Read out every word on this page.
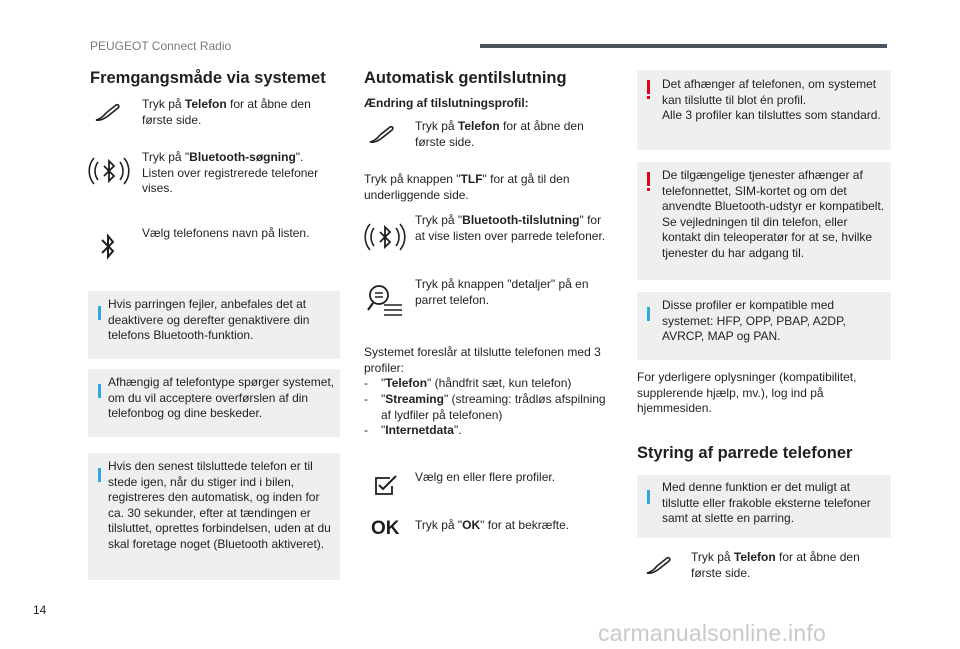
PEUGEOT Connect Radio
Fremgangsmåde via systemet
Tryk på Telefon for at åbne den første side.
Tryk på "Bluetooth-søgning". Listen over registrerede telefoner vises.
Vælg telefonens navn på listen.
Hvis parringen fejler, anbefales det at deaktivere og derefter genaktivere din telefons Bluetooth-funktion.
Afhængig af telefontype spørger systemet, om du vil acceptere overførslen af din telefonbog og dine beskeder.
Hvis den senest tilsluttede telefon er til stede igen, når du stiger ind i bilen, registreres den automatisk, og inden for ca. 30 sekunder, efter at tændingen er tilsluttet, oprettes forbindelsen, uden at du skal foretage noget (Bluetooth aktiveret).
Automatisk gentilslutning
Ændring af tilslutningsprofil:
Tryk på Telefon for at åbne den første side.
Tryk på knappen "TLF" for at gå til den underliggende side.
Tryk på "Bluetooth-tilslutning" for at vise listen over parrede telefoner.
Tryk på knappen "detaljer" på en parret telefon.
Systemet foreslår at tilslutte telefonen med 3 profiler:
-	"Telefon" (håndfrit sæt, kun telefon)
-	"Streaming" (streaming: trådløs afspilning af lydfiler på telefonen)
-	"Internetdata".
Vælg en eller flere profiler.
OK Tryk på "OK" for at bekræfte.
Det afhænger af telefonen, om systemet kan tilslutte til blot én profil.
Alle 3 profiler kan tilsluttes som standard.
De tilgængelige tjenester afhænger af telefonnettet, SIM-kortet og om det anvendte Bluetooth-udstyr er kompatibelt. Se vejledningen til din telefon, eller kontakt din teleoperatør for at se, hvilke tjenester du har adgang til.
Disse profiler er kompatible med systemet: HFP, OPP, PBAP, A2DP, AVRCP, MAP og PAN.
For yderligere oplysninger (kompatibilitet, supplerende hjælp, mv.), log ind på hjemmesiden.
Styring af parrede telefoner
Med denne funktion er det muligt at tilslutte eller frakoble eksterne telefoner samt at slette en parring.
Tryk på Telefon for at åbne den første side.
14
carmanualsonline.info
